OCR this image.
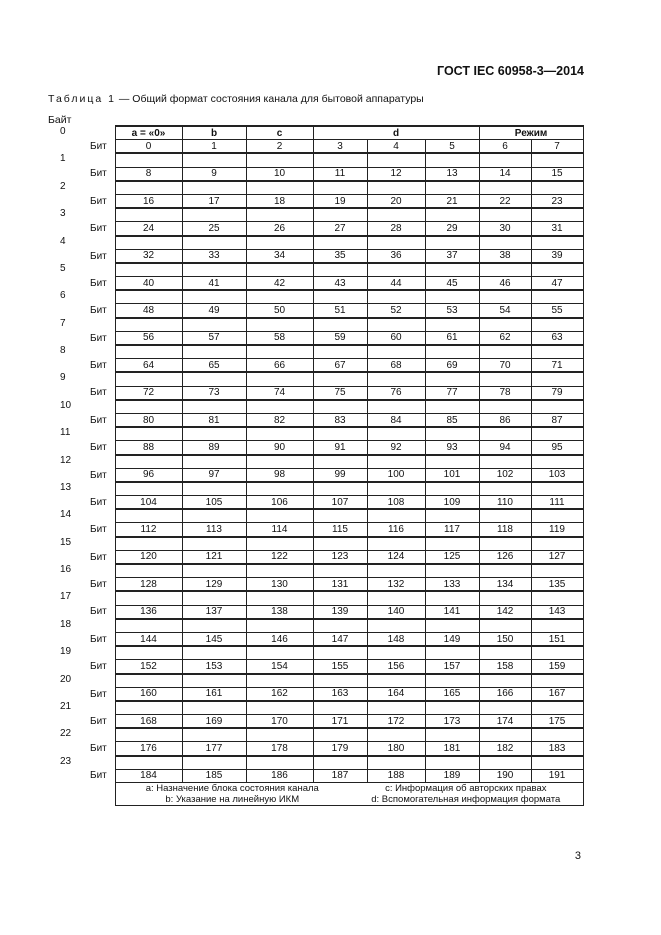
ГОСТ IEC 60958-3—2014
Таблица 1 — Общий формат состояния канала для бытовой аппаратуры
Байт
0	a = «0»	b	c	d			Режим	
Бит	0	1	2	3	4	5	6	7
1								
Бит	8	9	10	11	12	13	14	15
2								
Бит	16	17	18	19	20	21	22	23
3								
Бит	24	25	26	27	28	29	30	31
4								
Бит	32	33	34	35	36	37	38	39
5								
Бит	40	41	42	43	44	45	46	47
6								
Бит	48	49	50	51	52	53	54	55
7								
Бит	56	57	58	59	60	61	62	63
8								
Бит	64	65	66	67	68	69	70	71
9								
Бит	72	73	74	75	76	77	78	79
10								
Бит	80	81	82	83	84	85	86	87
11								
Бит	88	89	90	91	92	93	94	95
12								
Бит	96	97	98	99	100	101	102	103
13								
Бит	104	105	106	107	108	109	110	111
14								
Бит	112	113	114	115	116	117	118	119
15								
Бит	120	121	122	123	124	125	126	127
16								
Бит	128	129	130	131	132	133	134	135
17								
Бит	136	137	138	139	140	141	142	143
18								
Бит	144	145	146	147	148	149	150	151
19								
Бит	152	153	154	155	156	157	158	159
20								
Бит	160	161	162	163	164	165	166	167
21								
Бит	168	169	170	171	172	173	174	175
22								
Бит	176	177	178	179	180	181	182	183
23								
Бит	184	185	186	187	188	189	190	191

	a: Назначение блока состояния канала
b: Указание на линейную ИКМ
c: Информация об авторских правах
d: Вспомогательная информация формата							
3
